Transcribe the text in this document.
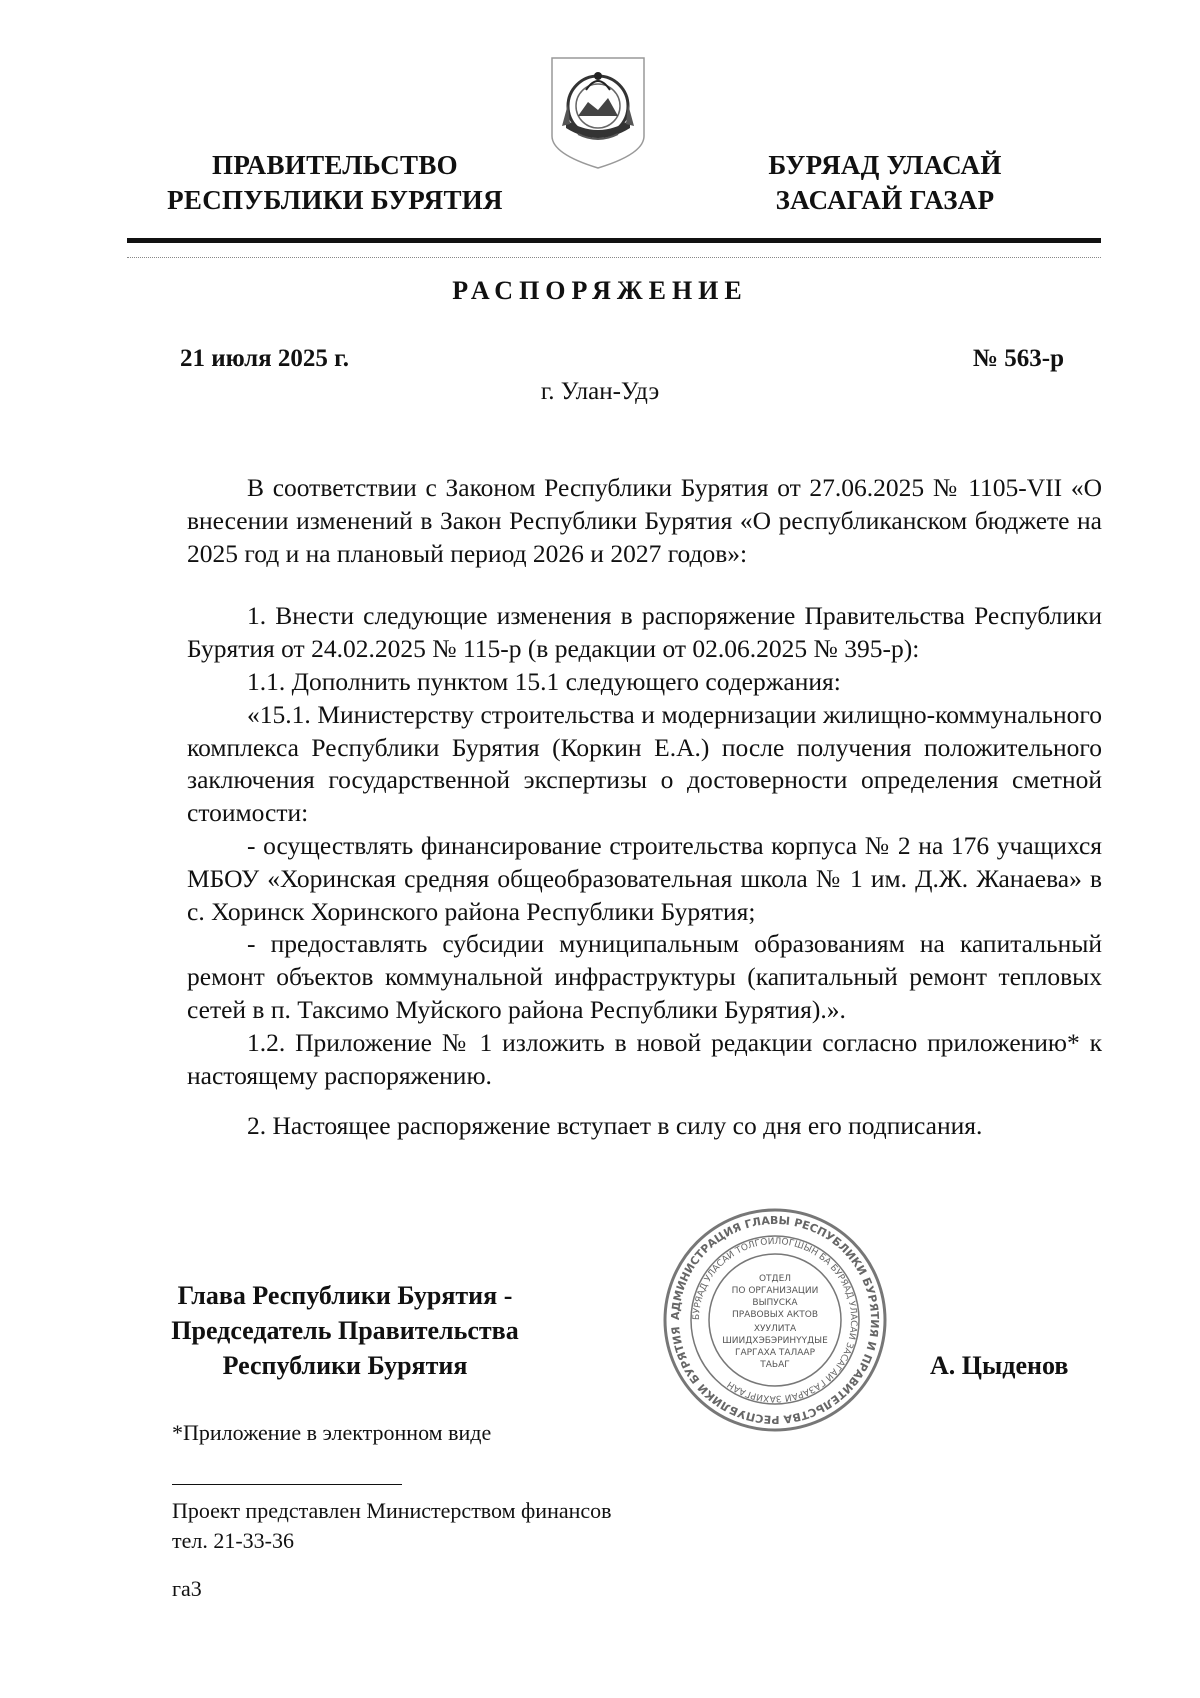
ПРАВИТЕЛЬСТВО
РЕСПУБЛИКИ БУРЯТИЯ
БУРЯАД УЛАСАЙ
ЗАСАГАЙ ГАЗАР
РАСПОРЯЖЕНИЕ
21 июля 2025 г.	№ 563-р
г. Улан-Удэ

В соответствии с Законом Республики Бурятия от 27.06.2025 № 1105-VII «О внесении изменений в Закон Республики Бурятия «О республиканском бюджете на 2025 год и на плановый период 2026 и 2027 годов»:

1. Внести следующие изменения в распоряжение Правительства Республики Бурятия от 24.02.2025 № 115-р (в редакции от 02.06.2025 № 395-р):

1.1. Дополнить пунктом 15.1 следующего содержания:

«15.1. Министерству строительства и модернизации жилищно-коммунального комплекса Республики Бурятия (Коркин Е.А.) после получения положительного заключения государственной экспертизы о достоверности определения сметной стоимости:

- осуществлять финансирование строительства корпуса № 2 на 176 учащихся МБОУ «Хоринская средняя общеобразовательная школа № 1 им. Д.Ж. Жанаева» в с. Хоринск Хоринского района Республики Бурятия;

- предоставлять субсидии муниципальным образованиям на капитальный ремонт объектов коммунальной инфраструктуры (капитальный ремонт тепловых сетей в п. Таксимо Муйского района Республики Бурятия).».

1.2. Приложение № 1 изложить в новой редакции согласно приложению* к настоящему распоряжению.

2. Настоящее распоряжение вступает в силу со дня его подписания.

Глава Республики Бурятия -
Председатель Правительства
Республики Бурятия	А. Цыденов
АДМИНИСТРАЦИЯ ГЛАВЫ РЕСПУБЛИКИ БУРЯТИЯ И ПРАВИТЕЛЬСТВА РЕСПУБЛИКИ БУРЯТИЯ
БУРЯАД УЛАСАЙ ТОЛГОЙЛОГШЫН БА БУРЯАД УЛАСАЙ ЗАСАГАЙ ГАЗАРАЙ ЗАХИРГААН
ОТДЕЛ
ПО ОРГАНИЗАЦИИ
ВЫПУСКА
ПРАВОВЫХ АКТОВ
ХУУЛИТА
ШИИДХЭБЭРИНҮҮДЫЕ
ГАРГАХА ТАЛААР
ТАЬАГ
*Приложение в электронном виде
Проект представлен Министерством финансов
тел. 21-33-36
га3
